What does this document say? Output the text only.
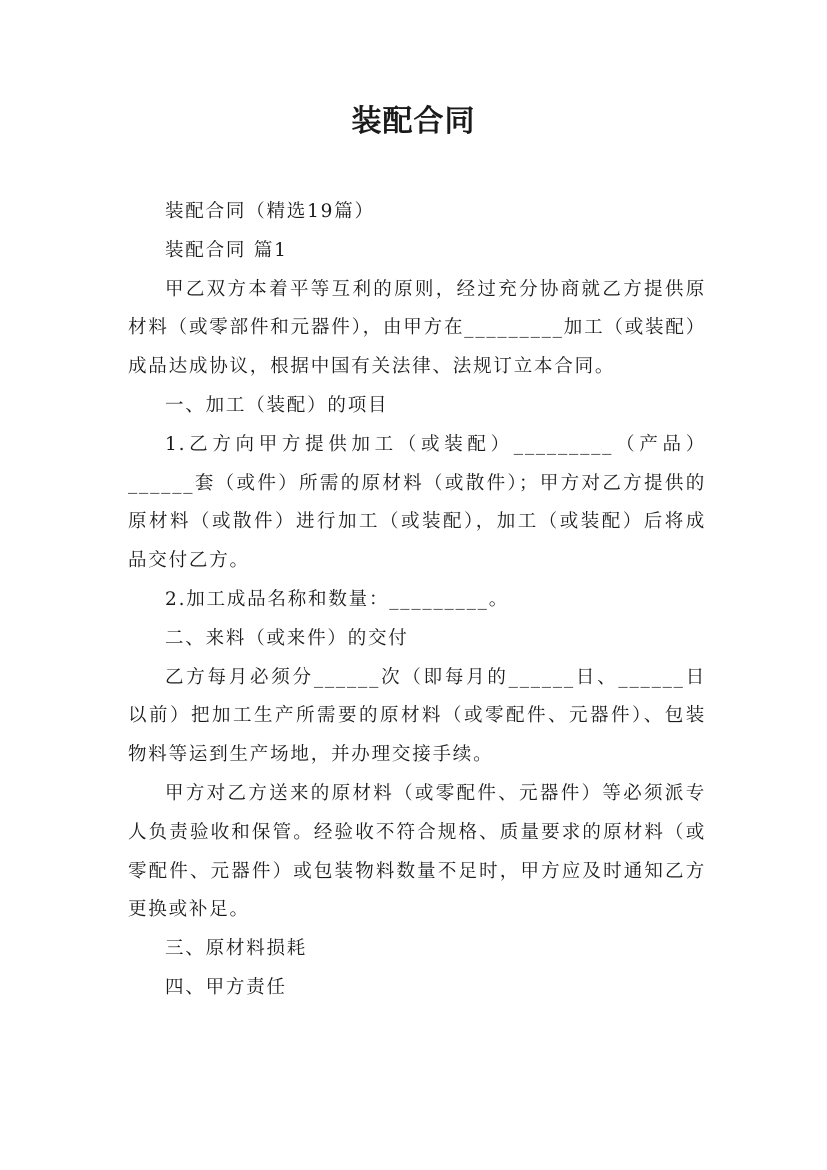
装配合同

装配合同（精选19篇）

装配合同 篇1

甲乙双方本着平等互利的原则，经过充分协商就乙方提供原材料（或零部件和元器件），由甲方在_________加工（或装配）成品达成协议，根据中国有关法律、法规订立本合同。

一、加工（装配）的项目

1.乙方向甲方提供加工（或装配）_________（产品）______套（或件）所需的原材料（或散件）；甲方对乙方提供的原材料（或散件）进行加工（或装配），加工（或装配）后将成品交付乙方。

2.加工成品名称和数量：_________。

二、来料（或来件）的交付

乙方每月必须分______次（即每月的______日、______日以前）把加工生产所需要的原材料（或零配件、元器件）、包装物料等运到生产场地，并办理交接手续。

甲方对乙方送来的原材料（或零配件、元器件）等必须派专人负责验收和保管。经验收不符合规格、质量要求的原材料（或零配件、元器件）或包装物料数量不足时，甲方应及时通知乙方更换或补足。

三、原材料损耗

四、甲方责任
